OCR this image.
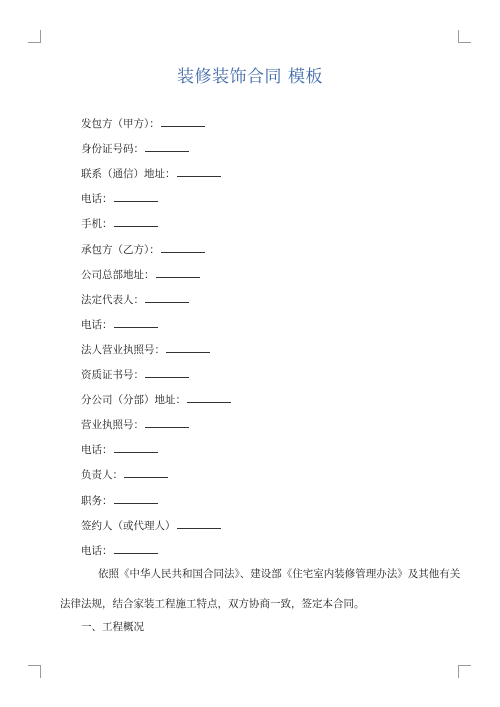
装修装饰合同 模板
发包方（甲方）：
身份证号码：
联系（通信）地址：
电话：
手机：
承包方（乙方）：
公司总部地址：
法定代表人：
电话：
法人营业执照号：
资质证书号：
分公司（分部）地址：
营业执照号：
电话：
负责人：
职务：
签约人（或代理人）
电话：
依照《中华人民共和国合同法》、建设部《住宅室内装修管理办法》及其他有关
法律法规，结合家装工程施工特点，双方协商一致，签定本合同。
一、工程概况
